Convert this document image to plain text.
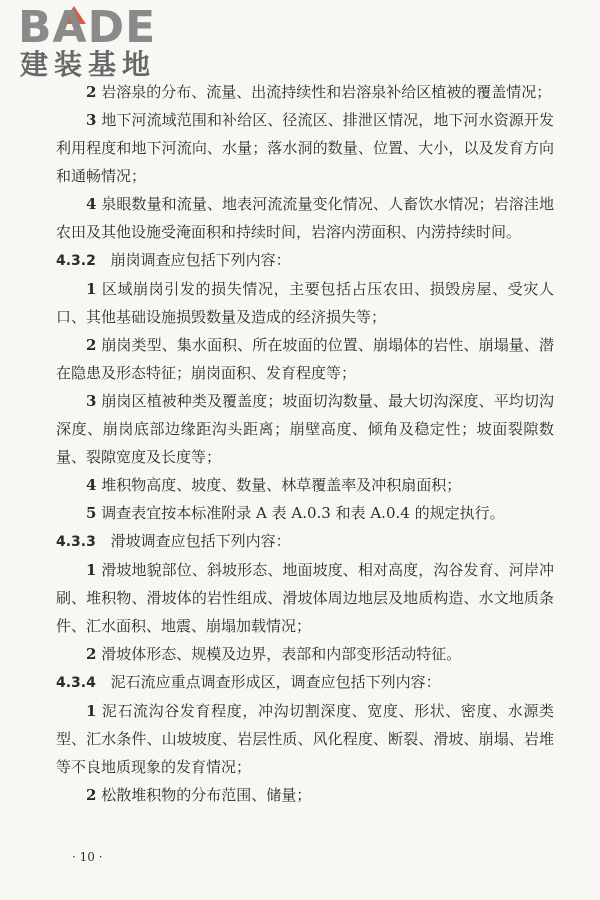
BADE
建装基地

2 岩溶泉的分布、流量、出流持续性和岩溶泉补给区植被的覆盖情况；

3 地下河流域范围和补给区、径流区、排泄区情况，地下河水资源开发利用程度和地下河流向、水量；落水洞的数量、位置、大小，以及发育方向和通畅情况；

4 泉眼数量和流量、地表河流流量变化情况、人畜饮水情况；岩溶洼地农田及其他设施受淹面积和持续时间，岩溶内涝面积、内涝持续时间。

4.3.2 崩岗调查应包括下列内容：

1 区域崩岗引发的损失情况，主要包括占压农田、损毁房屋、受灾人口、其他基础设施损毁数量及造成的经济损失等；

2 崩岗类型、集水面积、所在坡面的位置、崩塌体的岩性、崩塌量、潜在隐患及形态特征；崩岗面积、发育程度等；

3 崩岗区植被种类及覆盖度；坡面切沟数量、最大切沟深度、平均切沟深度、崩岗底部边缘距沟头距离；崩壁高度、倾角及稳定性；坡面裂隙数量、裂隙宽度及长度等；

4 堆积物高度、坡度、数量、林草覆盖率及冲积扇面积；

5 调查表宜按本标准附录 A 表 A.0.3 和表 A.0.4 的规定执行。

4.3.3 滑坡调查应包括下列内容：

1 滑坡地貌部位、斜坡形态、地面坡度、相对高度，沟谷发育、河岸冲刷、堆积物、滑坡体的岩性组成、滑坡体周边地层及地质构造、水文地质条件、汇水面积、地震、崩塌加载情况；

2 滑坡体形态、规模及边界，表部和内部变形活动特征。

4.3.4 泥石流应重点调查形成区，调查应包括下列内容：

1 泥石流沟谷发育程度，冲沟切割深度、宽度、形状、密度、水源类型、汇水条件、山坡坡度、岩层性质、风化程度、断裂、滑坡、崩塌、岩堆等不良地质现象的发育情况；

2 松散堆积物的分布范围、储量；

· 10 ·
